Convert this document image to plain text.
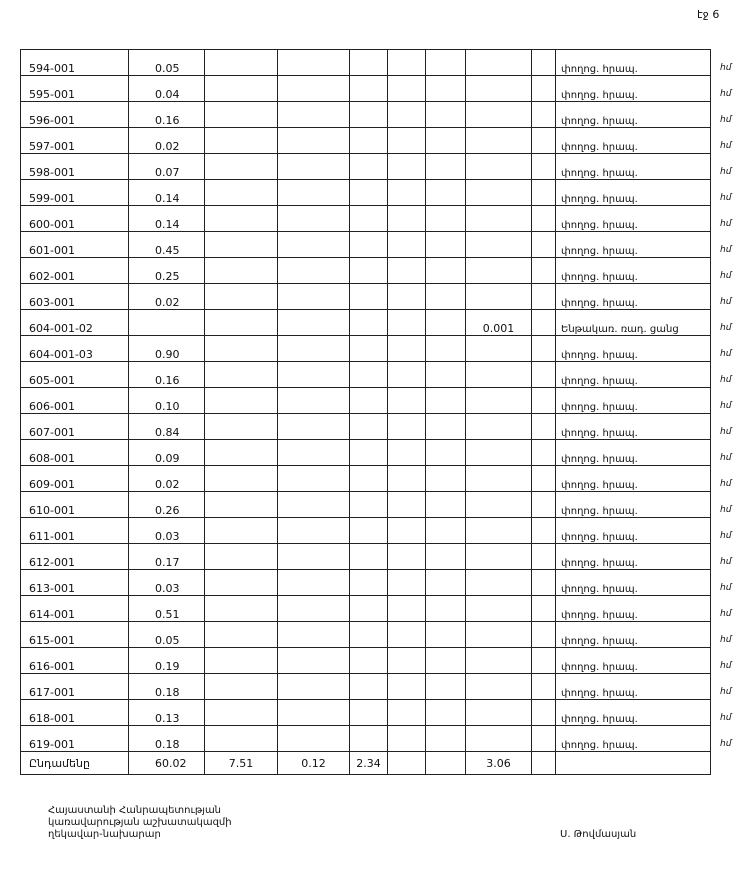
էջ 6
594-001	0.05								փողոց. հրապ.
595-001	0.04								փողոց. հրապ.
596-001	0.16								փողոց. հրապ.
597-001	0.02								փողոց. հրապ.
598-001	0.07								փողոց. հրապ.
599-001	0.14								փողոց. հրապ.
600-001	0.14								փողոց. հրապ.
601-001	0.45								փողոց. հրապ.
602-001	0.25								փողոց. հրապ.
603-001	0.02								փողոց. հրապ.
604-001-02							0.001		Ենթակառ. ռադ. ցանց
604-001-03	0.90								փողոց. հրապ.
605-001	0.16								փողոց. հրապ.
606-001	0.10								փողոց. հրապ.
607-001	0.84								փողոց. հրապ.
608-001	0.09								փողոց. հրապ.
609-001	0.02								փողոց. հրապ.
610-001	0.26								փողոց. հրապ.
611-001	0.03								փողոց. հրապ.
612-001	0.17								փողոց. հրապ.
613-001	0.03								փողոց. հրապ.
614-001	0.51								փողոց. հրապ.
615-001	0.05								փողոց. հրապ.
616-001	0.19								փողոց. հրապ.
617-001	0.18								փողոց. հրապ.
618-001	0.13								փողոց. հրապ.
619-001	0.18								փողոց. հրապ.
Ընդամենը	60.02	7.51	0.12	2.34			3.06		
հմ
հմ
հմ
հմ
հմ
հմ
հմ
հմ
հմ
հմ
հմ
հմ
հմ
հմ
հմ
հմ
հմ
հմ
հմ
հմ
հմ
հմ
հմ
հմ
հմ
հմ
հմ
Հայաստանի Հանրապետության
կառավարության աշխատակազմի
ղեկավար-նախարար	Ս. Թովմասյան
